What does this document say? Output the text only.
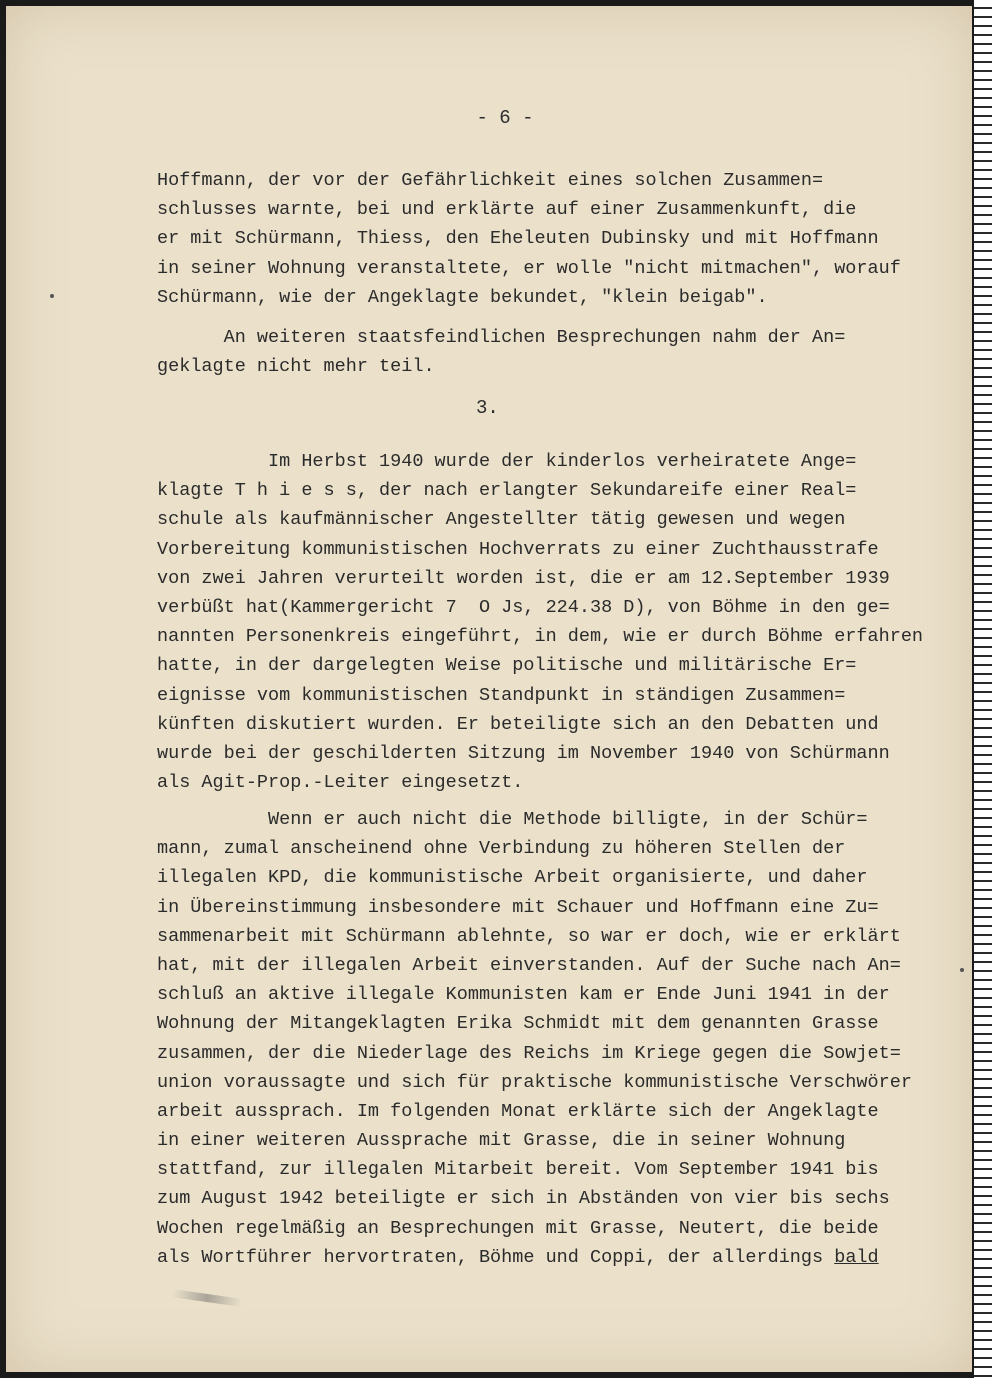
- 6 -
Hoffmann, der vor der Gefährlichkeit eines solchen Zusammen=
schlusses warnte, bei und erklärte auf einer Zusammenkunft, die
er mit Schürmann, Thiess, den Eheleuten Dubinsky und mit Hoffmann
in seiner Wohnung veranstaltete, er wolle "nicht mitmachen", worauf
Schürmann, wie der Angeklagte bekundet, "klein beigab".
An weiteren staatsfeindlichen Besprechungen nahm der An=
geklagte nicht mehr teil.
3.
Im Herbst 1940 wurde der kinderlos verheiratete Ange=
klagte T h i e s s, der nach erlangter Sekundareife einer Real=
schule als kaufmännischer Angestellter tätig gewesen und wegen
Vorbereitung kommunistischen Hochverrats zu einer Zuchthausstrafe
von zwei Jahren verurteilt worden ist, die er am 12.September 1939
verbüßt hat(Kammergericht 7  O Js, 224.38 D), von Böhme in den ge=
nannten Personenkreis eingeführt, in dem, wie er durch Böhme erfahren
hatte, in der dargelegten Weise politische und militärische Er=
eignisse vom kommunistischen Standpunkt in ständigen Zusammen=
künften diskutiert wurden. Er beteiligte sich an den Debatten und
wurde bei der geschilderten Sitzung im November 1940 von Schürmann
als Agit-Prop.-Leiter eingesetzt.
Wenn er auch nicht die Methode billigte, in der Schür=
mann, zumal anscheinend ohne Verbindung zu höheren Stellen der
illegalen KPD, die kommunistische Arbeit organisierte, und daher
in Übereinstimmung insbesondere mit Schauer und Hoffmann eine Zu=
sammenarbeit mit Schürmann ablehnte, so war er doch, wie er erklärt
hat, mit der illegalen Arbeit einverstanden. Auf der Suche nach An=
schluß an aktive illegale Kommunisten kam er Ende Juni 1941 in der
Wohnung der Mitangeklagten Erika Schmidt mit dem genannten Grasse
zusammen, der die Niederlage des Reichs im Kriege gegen die Sowjet=
union voraussagte und sich für praktische kommunistische Verschwörer
arbeit aussprach. Im folgenden Monat erklärte sich der Angeklagte
in einer weiteren Aussprache mit Grasse, die in seiner Wohnung
stattfand, zur illegalen Mitarbeit bereit. Vom September 1941 bis
zum August 1942 beteiligte er sich in Abständen von vier bis sechs
Wochen regelmäßig an Besprechungen mit Grasse, Neutert, die beide
als Wortführer hervortraten, Böhme und Coppi, der allerdings bald
